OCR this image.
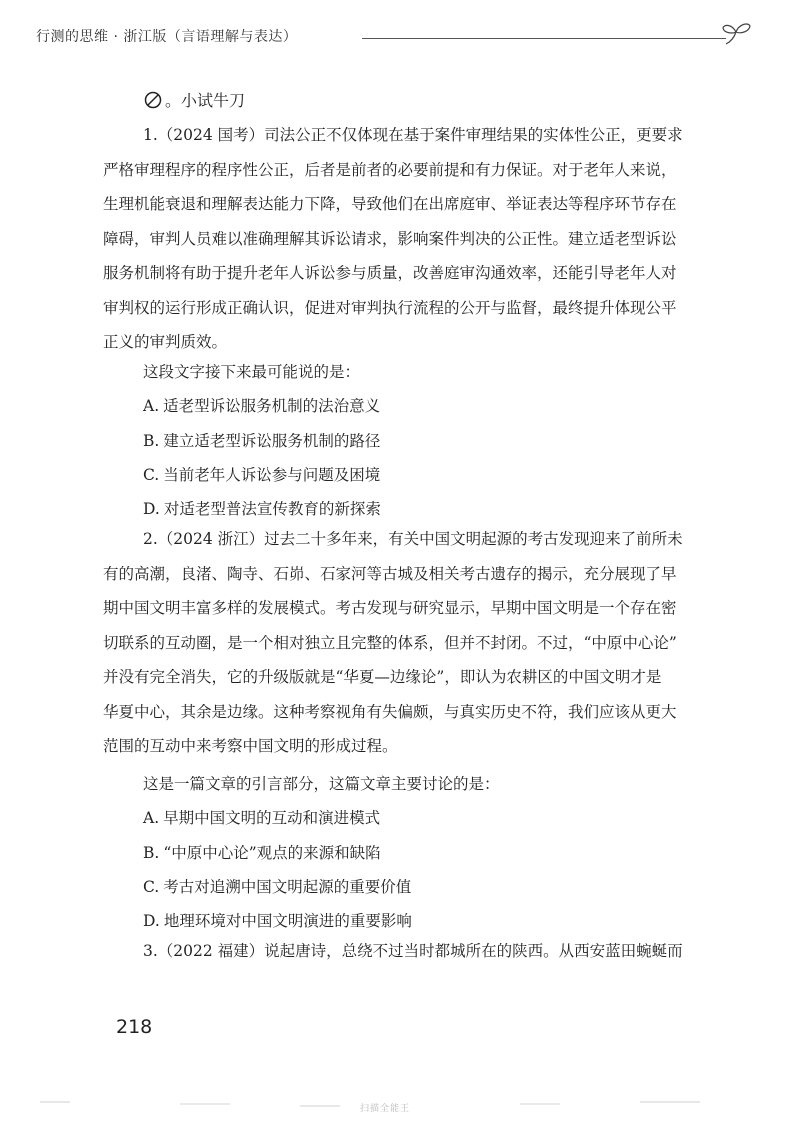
行测的思维 · 浙江版（言语理解与表达）
。小试牛刀
1.（2024 国考）司法公正不仅体现在基于案件审理结果的实体性公正，更要求
严格审理程序的程序性公正，后者是前者的必要前提和有力保证。对于老年人来说，
生理机能衰退和理解表达能力下降，导致他们在出席庭审、举证表达等程序环节存在
障碍，审判人员难以准确理解其诉讼请求，影响案件判决的公正性。建立适老型诉讼
服务机制将有助于提升老年人诉讼参与质量，改善庭审沟通效率，还能引导老年人对
审判权的运行形成正确认识，促进对审判执行流程的公开与监督，最终提升体现公平
正义的审判质效。
这段文字接下来最可能说的是：
A. 适老型诉讼服务机制的法治意义
B. 建立适老型诉讼服务机制的路径
C. 当前老年人诉讼参与问题及困境
D. 对适老型普法宣传教育的新探索
2.（2024 浙江）过去二十多年来，有关中国文明起源的考古发现迎来了前所未
有的高潮，良渚、陶寺、石峁、石家河等古城及相关考古遗存的揭示，充分展现了早
期中国文明丰富多样的发展模式。考古发现与研究显示，早期中国文明是一个存在密
切联系的互动圈，是一个相对独立且完整的体系，但并不封闭。不过，“中原中心论”
并没有完全消失，它的升级版就是“华夏—边缘论”，即认为农耕区的中国文明才是
华夏中心，其余是边缘。这种考察视角有失偏颇，与真实历史不符，我们应该从更大
范围的互动中来考察中国文明的形成过程。
这是一篇文章的引言部分，这篇文章主要讨论的是：
A. 早期中国文明的互动和演进模式
B. “中原中心论”观点的来源和缺陷
C. 考古对追溯中国文明起源的重要价值
D. 地理环境对中国文明演进的重要影响
3.（2022 福建）说起唐诗，总绕不过当时都城所在的陕西。从西安蓝田蜿蜒而
218
扫描全能王
